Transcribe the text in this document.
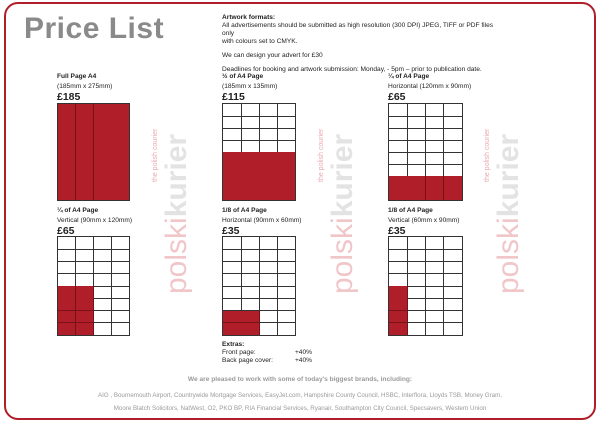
Price List	Artwork formats:
All advertisements should be submitted as high resolution (300 DPI) JPEG, TIFF or PDF files only
with colours set to CMYK.

We can design your advert for £30

Deadlines for booking and artwork submission: Monday, - 5pm – prior to publication date.

Full Page A4
(185mm x 275mm)
£185
½ of A4 Page
(185mm x 135mm)
£115
¼ of A4 Page
Horizontal (120mm x 90mm)
£65
¼ of A4 Page
Vertical (90mm x 120mm)
£65
1/8 of A4 Page
Horizontal (90mm x 60mm)
£35
1/8 of A4 Page
Vertical (60mm x 90mm)
£35
the polish courier
polskikurier	the polish courier
polskikurier	the polish courier
polskikurier
Extras:
Front page:	+40%
Back page cover:	+40%
We are pleased to work with some of today's biggest brands, including:
AIG , Bournemouth Airport, Countrywide Mortgage Services, EasyJet.com, Hampshire County Council, HSBC, Interflora, Lloyds TSB, Money Gram,
Moore Blatch Solicitors, NatWest, O2, PKO BP, RIA Financial Services, Ryanair, Southampton City Council, Specsavers, Western Union
